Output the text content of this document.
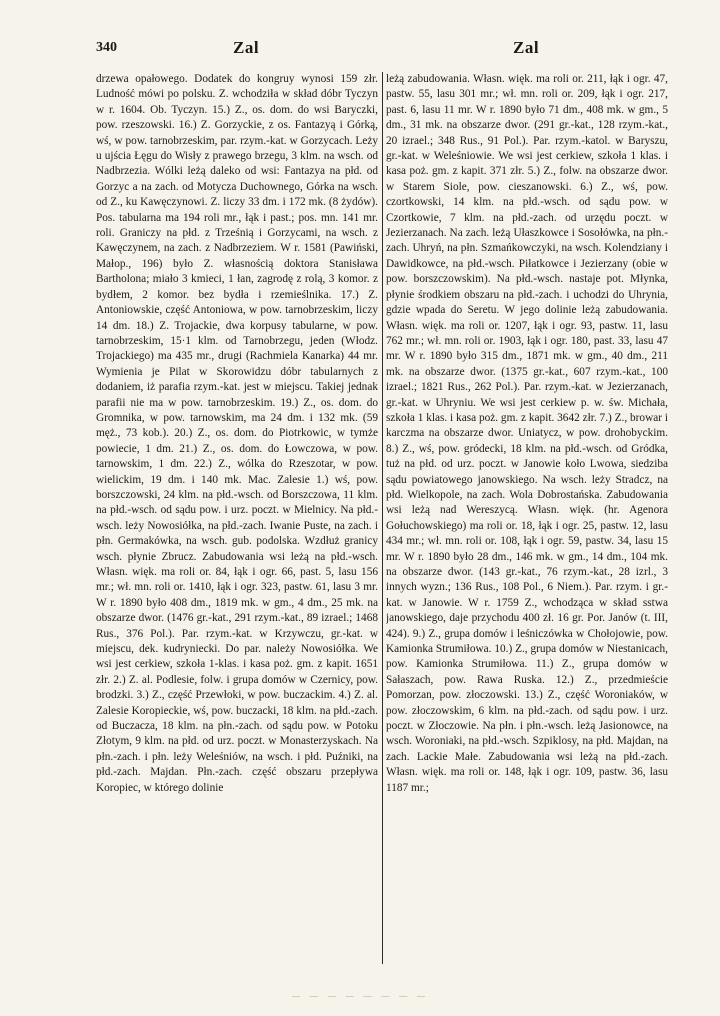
340	Zal	Zal

drzewa opałowego. Dodatek do kongruy wynosi 159 złr. Ludność mówi po polsku. Z. wchodziła w skład dóbr Tyczyn w r. 1604. Ob. Tyczyn. 15.) Z., os. dom. do wsi Baryczki, pow. rzeszowski. 16.) Z. Gorzyckie, z os. Fantazyą i Górką, wś, w pow. tarnobrzeskim, par. rzym.-kat. w Gorzycach. Leży u ujścia Łęgu do Wisły z prawego brzegu, 3 klm. na wsch. od Nadbrzezia. Wólki leżą daleko od wsi: Fantazya na płd. od Gorzyc a na zach. od Motycza Duchownego, Górka na wsch. od Z., ku Kawęczynowi. Z. liczy 33 dm. i 172 mk. (8 żydów). Pos. tabularna ma 194 roli mr., łąk i past.; pos. mn. 141 mr. roli. Graniczy na płd. z Trześnią i Gorzycami, na wsch. z Kawęczynem, na zach. z Nadbrzeziem. W r. 1581 (Pawiński, Małop., 196) było Z. własnością doktora Stanisława Bartholona; miało 3 kmieci, 1 łan, zagrodę z rolą, 3 komor. z bydłem, 2 komor. bez bydła i rzemieślnika. 17.) Z. Antoniowskie, część Antoniowa, w pow. tarnobrzeskim, liczy 14 dm. 18.) Z. Trojackie, dwa korpusy tabularne, w pow. tarnobrzeskim, 15·1 klm. od Tarnobrzegu, jeden (Włodz. Trojackiego) ma 435 mr., drugi (Rachmiela Kanarka) 44 mr. Wymienia je Pilat w Skorowidzu dóbr tabularnych z dodaniem, iż parafia rzym.-kat. jest w miejscu. Takiej jednak parafii nie ma w pow. tarnobrzeskim. 19.) Z., os. dom. do Gromnika, w pow. tarnowskim, ma 24 dm. i 132 mk. (59 męż., 73 kob.). 20.) Z., os. dom. do Piotrkowic, w tymże powiecie, 1 dm. 21.) Z., os. dom. do Łowczowa, w pow. tarnowskim, 1 dm. 22.) Z., wólka do Rzeszotar, w pow. wielickim, 19 dm. i 140 mk. Mac. Zalesie 1.) wś, pow. borszczowski, 24 klm. na płd.-wsch. od Borszczowa, 11 klm. na płd.-wsch. od sądu pow. i urz. poczt. w Mielnicy. Na płd.-wsch. leży Nowosiółka, na płd.-zach. Iwanie Puste, na zach. i płn. Germakówka, na wsch. gub. podolska. Wzdłuż granicy wsch. płynie Zbrucz. Zabudowania wsi leżą na płd.-wsch. Własn. więk. ma roli or. 84, łąk i ogr. 66, past. 5, lasu 156 mr.; wł. mn. roli or. 1410, łąk i ogr. 323, pastw. 61, lasu 3 mr. W r. 1890 było 408 dm., 1819 mk. w gm., 4 dm., 25 mk. na obszarze dwor. (1476 gr.-kat., 291 rzym.-kat., 89 izrael.; 1468 Rus., 376 Pol.). Par. rzym.-kat. w Krzywczu, gr.-kat. w miejscu, dek. kudrynieckі. Do par. należy Nowosiółka. We wsi jest cerkiew, szkoła 1-klas. i kasa poż. gm. z kapit. 1651 złr. 2.) Z. al. Podlesie, folw. i grupa domów w Czernicy, pow. brodzki. 3.) Z., część Przewłoki, w pow. buczackim. 4.) Z. al. Zalesie Koropieckie, wś, pow. buczacki, 18 klm. na płd.-zach. od Buczacza, 18 klm. na płn.-zach. od sądu pow. w Potoku Złotym, 9 klm. na płd. od urz. poczt. w Monasterzyskach. Na płn.-zach. i płn. leży Weleśniów, na wsch. i płd. Puźniki, na płd.-zach. Majdan. Płn.-zach. część obszaru przepływa Koropiec, w którego dolinie

leżą zabudowania. Własn. więk. ma roli or. 211, łąk i ogr. 47, pastw. 55, lasu 301 mr.; wł. mn. roli or. 209, łąk i ogr. 217, past. 6, lasu 11 mr. W r. 1890 było 71 dm., 408 mk. w gm., 5 dm., 31 mk. na obszarze dwor. (291 gr.-kat., 128 rzym.-kat., 20 izrael.; 348 Rus., 91 Pol.). Par. rzym.-katol. w Baryszu, gr.-kat. w Weleśniowie. We wsi jest cerkiew, szkoła 1 klas. i kasa poż. gm. z kapit. 371 złr. 5.) Z., folw. na obszarze dwor. w Starem Siole, pow. cieszanowski. 6.) Z., wś, pow. czortkowski, 14 klm. na płd.-wsch. od sądu pow. w Czortkowie, 7 klm. na płd.-zach. od urzędu poczt. w Jezierzanach. Na zach. leżą Ułaszkowce i Sosołówka, na płn.-zach. Uhryń, na płn. Szmańkowczyki, na wsch. Kolendziany i Dawidkowce, na płd.-wsch. Piłatkowce i Jezierzany (obie w pow. borszczowskim). Na płd.-wsch. nastaje pot. Młynka, płynie środkiem obszaru na płd.-zach. i uchodzi do Uhrynia, gdzie wpada do Seretu. W jego dolinie leżą zabudowania. Własn. więk. ma roli or. 1207, łąk i ogr. 93, pastw. 11, lasu 762 mr.; wł. mn. roli or. 1903, łąk i ogr. 180, past. 33, lasu 47 mr. W r. 1890 było 315 dm., 1871 mk. w gm., 40 dm., 211 mk. na obszarze dwor. (1375 gr.-kat., 607 rzym.-kat., 100 izrael.; 1821 Rus., 262 Pol.). Par. rzym.-kat. w Jezierzanach, gr.-kat. w Uhryniu. We wsi jest cerkiew p. w. św. Michała, szkoła 1 klas. i kasa poż. gm. z kapit. 3642 złr. 7.) Z., browar i karczma na obszarze dwor. Uniatycz, w pow. drohobyckim. 8.) Z., wś, pow. gródecki, 18 klm. na płd.-wsch. od Gródka, tuż na płd. od urz. poczt. w Janowie koło Lwowa, siedziba sądu powiatowego janowskiego. Na wsch. leży Stradcz, na płd. Wielkopole, na zach. Wola Dobrostańska. Zabudowania wsi leżą nad Wereszycą. Własn. więk. (hr. Agenora Gołuchowskiego) ma roli or. 18, łąk i ogr. 25, pastw. 12, lasu 434 mr.; wł. mn. roli or. 108, łąk i ogr. 59, pastw. 34, lasu 15 mr. W r. 1890 było 28 dm., 146 mk. w gm., 14 dm., 104 mk. na obszarze dwor. (143 gr.-kat., 76 rzym.-kat., 28 izrl., 3 innych wyzn.; 136 Rus., 108 Pol., 6 Niem.). Par. rzym. i gr.-kat. w Janowie. W r. 1759 Z., wchodząca w skład sstwa janowskiego, daje przychodu 400 zł. 16 gr. Por. Janów (t. III, 424). 9.) Z., grupa domów i leśniczówka w Chołojowie, pow. Kamionka Strumiłowa. 10.) Z., grupa domów w Niestanicach, pow. Kamionka Strumiłowa. 11.) Z., grupa domów w Sałaszach, pow. Rawa Ruska. 12.) Z., przedmieście Pomorzan, pow. złoczowski. 13.) Z., część Woroniaków, w pow. złoczowskim, 6 klm. na płd.-zach. od sądu pow. i urz. poczt. w Złoczowie. Na płn. i płn.-wsch. leżą Jasionowce, na wsch. Woroniaki, na płd.-wsch. Szpiklosy, na płd. Majdan, na zach. Lackie Małe. Zabudowania wsi leżą na płd.-zach. Własn. więk. ma roli or. 148, łąk i ogr. 109, pastw. 36, lasu 1187 mr.;

— — — — — — — —
